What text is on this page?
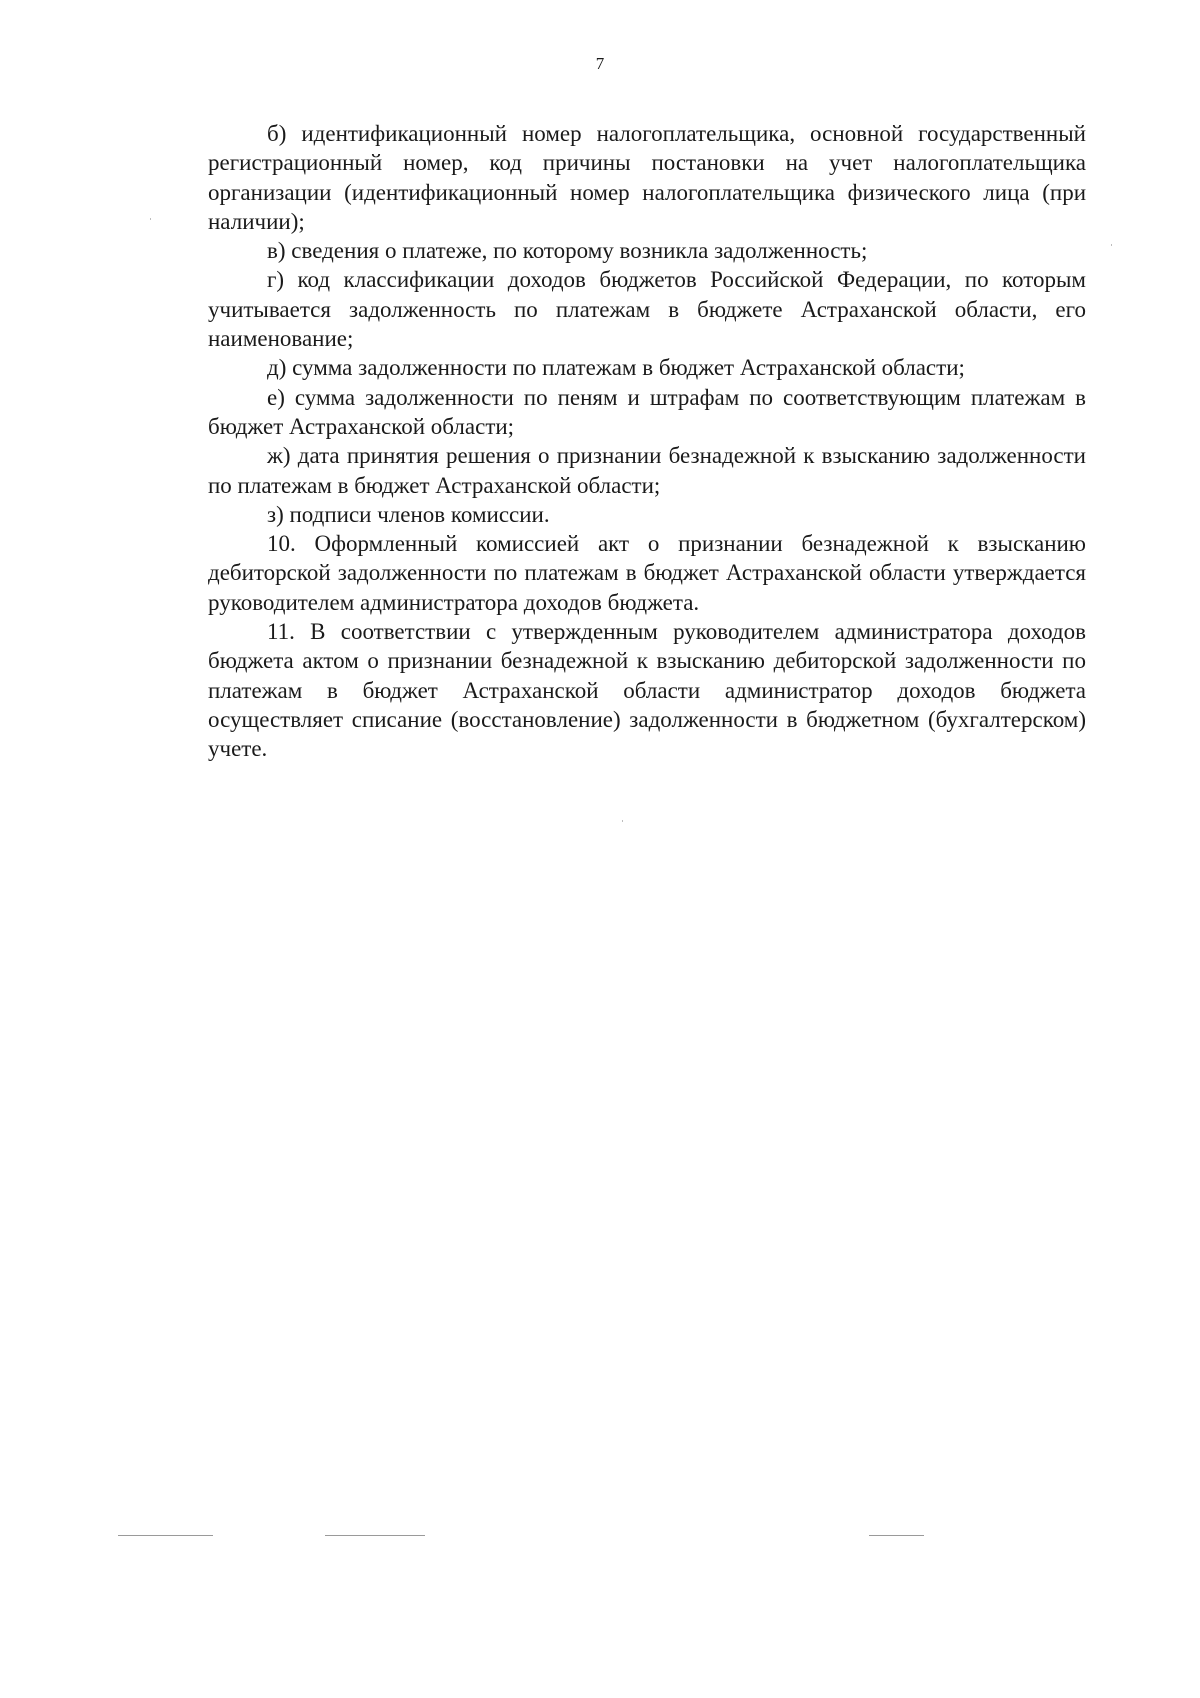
7

б) идентификационный номер налогоплательщика, основной государственный регистрационный номер, код причины постановки на учет налогоплательщика организации (идентификационный номер налогоплательщика физического лица (при наличии);

в) сведения о платеже, по которому возникла задолженность;

г) код классификации доходов бюджетов Российской Федерации, по которым учитывается задолженность по платежам в бюджете Астраханской области, его наименование;

д) сумма задолженности по платежам в бюджет Астраханской области;

е) сумма задолженности по пеням и штрафам по соответствующим платежам в бюджет Астраханской области;

ж) дата принятия решения о признании безнадежной к взысканию задолженности по платежам в бюджет Астраханской области;

з) подписи членов комиссии.

10. Оформленный комиссией акт о признании безнадежной к взысканию дебиторской задолженности по платежам в бюджет Астраханской области утверждается руководителем администратора доходов бюджета.

11. В соответствии с утвержденным руководителем администратора доходов бюджета актом о признании безнадежной к взысканию дебиторской задолженности по платежам в бюджет Астраханской области администратор доходов бюджета осуществляет списание (восстановление) задолженности в бюджетном (бухгалтерском) учете.
